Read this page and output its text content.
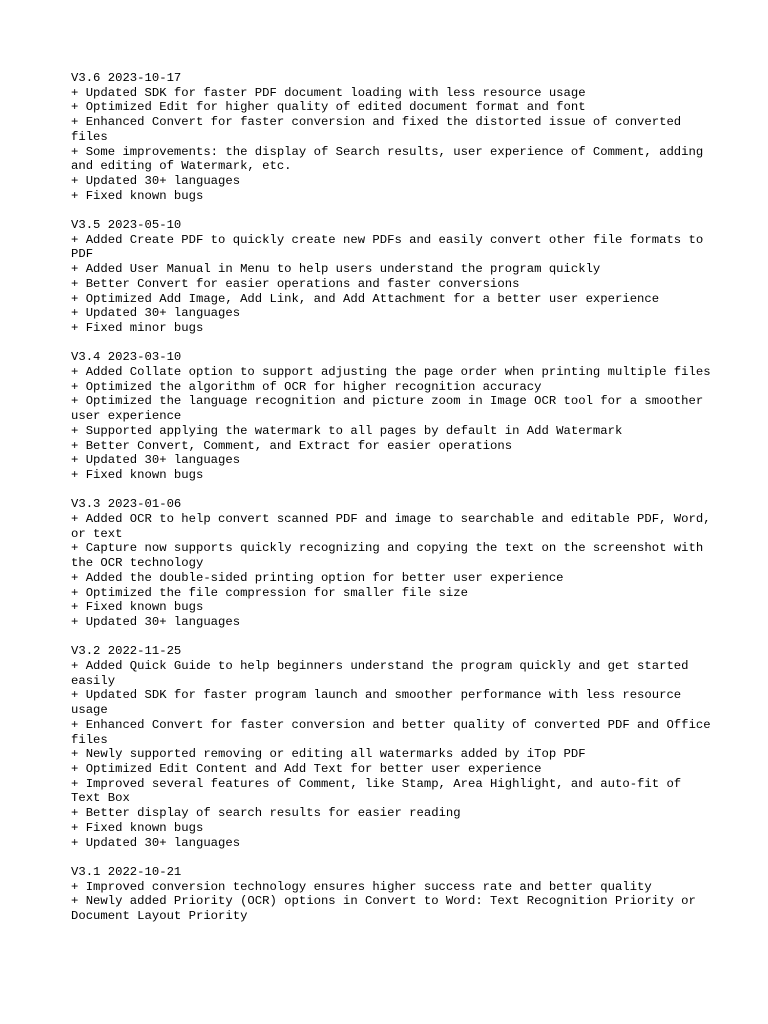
V3.6 2023-10-17
+ Updated SDK for faster PDF document loading with less resource usage
+ Optimized Edit for higher quality of edited document format and font
+ Enhanced Convert for faster conversion and fixed the distorted issue of converted files
+ Some improvements: the display of Search results, user experience of Comment, adding and editing of Watermark, etc.
+ Updated 30+ languages
+ Fixed known bugs
V3.5 2023-05-10
+ Added Create PDF to quickly create new PDFs and easily convert other file formats to PDF
+ Added User Manual in Menu to help users understand the program quickly
+ Better Convert for easier operations and faster conversions
+ Optimized Add Image, Add Link, and Add Attachment for a better user experience
+ Updated 30+ languages
+ Fixed minor bugs
V3.4 2023-03-10
+ Added Collate option to support adjusting the page order when printing multiple files
+ Optimized the algorithm of OCR for higher recognition accuracy
+ Optimized the language recognition and picture zoom in Image OCR tool for a smoother user experience
+ Supported applying the watermark to all pages by default in Add Watermark
+ Better Convert, Comment, and Extract for easier operations
+ Updated 30+ languages
+ Fixed known bugs
V3.3 2023-01-06
+ Added OCR to help convert scanned PDF and image to searchable and editable PDF, Word, or text
+ Capture now supports quickly recognizing and copying the text on the screenshot with the OCR technology
+ Added the double-sided printing option for better user experience
+ Optimized the file compression for smaller file size
+ Fixed known bugs
+ Updated 30+ languages
V3.2 2022-11-25
+ Added Quick Guide to help beginners understand the program quickly and get started easily
+ Updated SDK for faster program launch and smoother performance with less resource usage
+ Enhanced Convert for faster conversion and better quality of converted PDF and Office files
+ Newly supported removing or editing all watermarks added by iTop PDF
+ Optimized Edit Content and Add Text for better user experience
+ Improved several features of Comment, like Stamp, Area Highlight, and auto-fit of Text Box
+ Better display of search results for easier reading
+ Fixed known bugs
+ Updated 30+ languages
V3.1 2022-10-21
+ Improved conversion technology ensures higher success rate and better quality
+ Newly added Priority (OCR) options in Convert to Word: Text Recognition Priority or Document Layout Priority
